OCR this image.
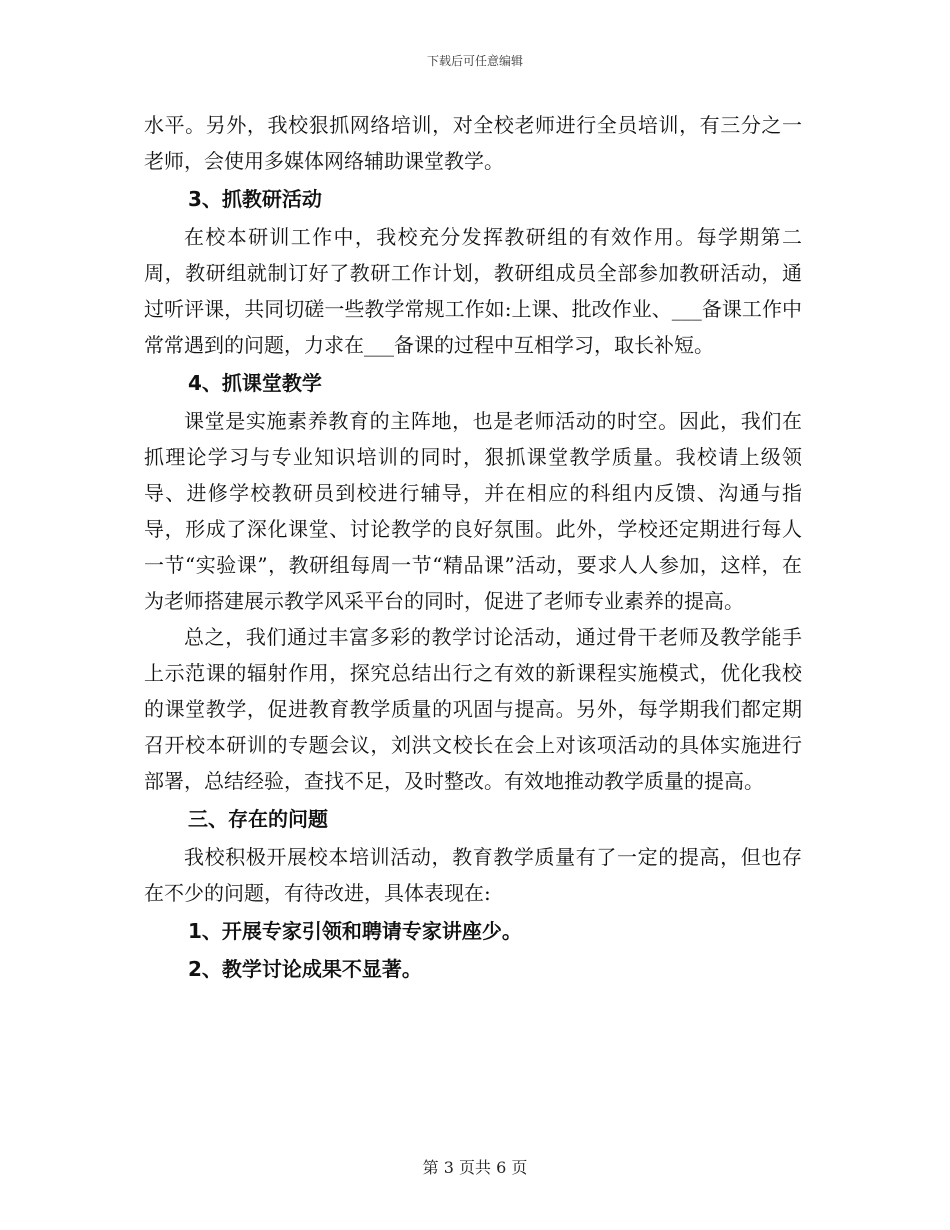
下载后可任意编辑

水平。另外，我校狠抓网络培训，对全校老师进行全员培训，有三分之一老师，会使用多媒体网络辅助课堂教学。

3、抓教研活动

在校本研训工作中，我校充分发挥教研组的有效作用。每学期第二周，教研组就制订好了教研工作计划，教研组成员全部参加教研活动，通过听评课，共同切磋一些教学常规工作如:上课、批改作业、___备课工作中常常遇到的问题，力求在___备课的过程中互相学习，取长补短。

4、抓课堂教学

课堂是实施素养教育的主阵地，也是老师活动的时空。因此，我们在抓理论学习与专业知识培训的同时，狠抓课堂教学质量。我校请上级领导、进修学校教研员到校进行辅导，并在相应的科组内反馈、沟通与指导，形成了深化课堂、讨论教学的良好氛围。此外，学校还定期进行每人一节“实验课”，教研组每周一节“精品课”活动，要求人人参加，这样，在为老师搭建展示教学风采平台的同时，促进了老师专业素养的提高。

总之，我们通过丰富多彩的教学讨论活动，通过骨干老师及教学能手上示范课的辐射作用，探究总结出行之有效的新课程实施模式，优化我校的课堂教学，促进教育教学质量的巩固与提高。另外，每学期我们都定期召开校本研训的专题会议，刘洪文校长在会上对该项活动的具体实施进行部署，总结经验，查找不足，及时整改。有效地推动教学质量的提高。

三、存在的问题

我校积极开展校本培训活动，教育教学质量有了一定的提高，但也存在不少的问题，有待改进，具体表现在:

1、开展专家引领和聘请专家讲座少。
2、教学讨论成果不显著。
第 3 页共 6 页
